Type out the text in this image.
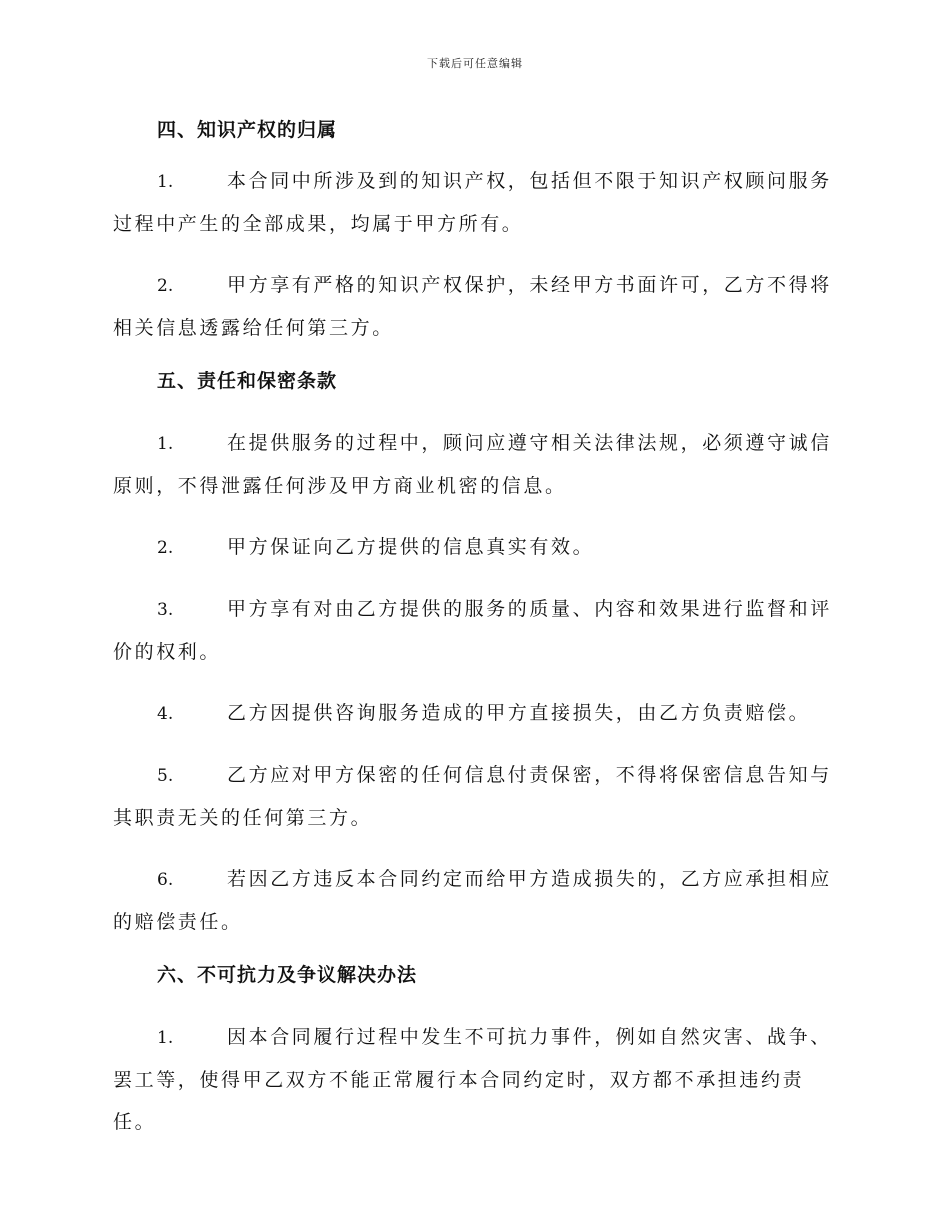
下载后可任意编辑
四、知识产权的归属

1.	本合同中所涉及到的知识产权，包括但不限于知识产权顾问服务过程中产生的全部成果，均属于甲方所有。

2.	甲方享有严格的知识产权保护，未经甲方书面许可，乙方不得将相关信息透露给任何第三方。

五、责任和保密条款

1.	在提供服务的过程中，顾问应遵守相关法律法规，必须遵守诚信原则，不得泄露任何涉及甲方商业机密的信息。

2.	甲方保证向乙方提供的信息真实有效。

3.	甲方享有对由乙方提供的服务的质量、内容和效果进行监督和评价的权利。

4.	乙方因提供咨询服务造成的甲方直接损失，由乙方负责赔偿。

5.	乙方应对甲方保密的任何信息付责保密，不得将保密信息告知与其职责无关的任何第三方。

6.	若因乙方违反本合同约定而给甲方造成损失的，乙方应承担相应的赔偿责任。

六、不可抗力及争议解决办法

1.	因本合同履行过程中发生不可抗力事件，例如自然灾害、战争、罢工等，使得甲乙双方不能正常履行本合同约定时，双方都不承担违约责任。
